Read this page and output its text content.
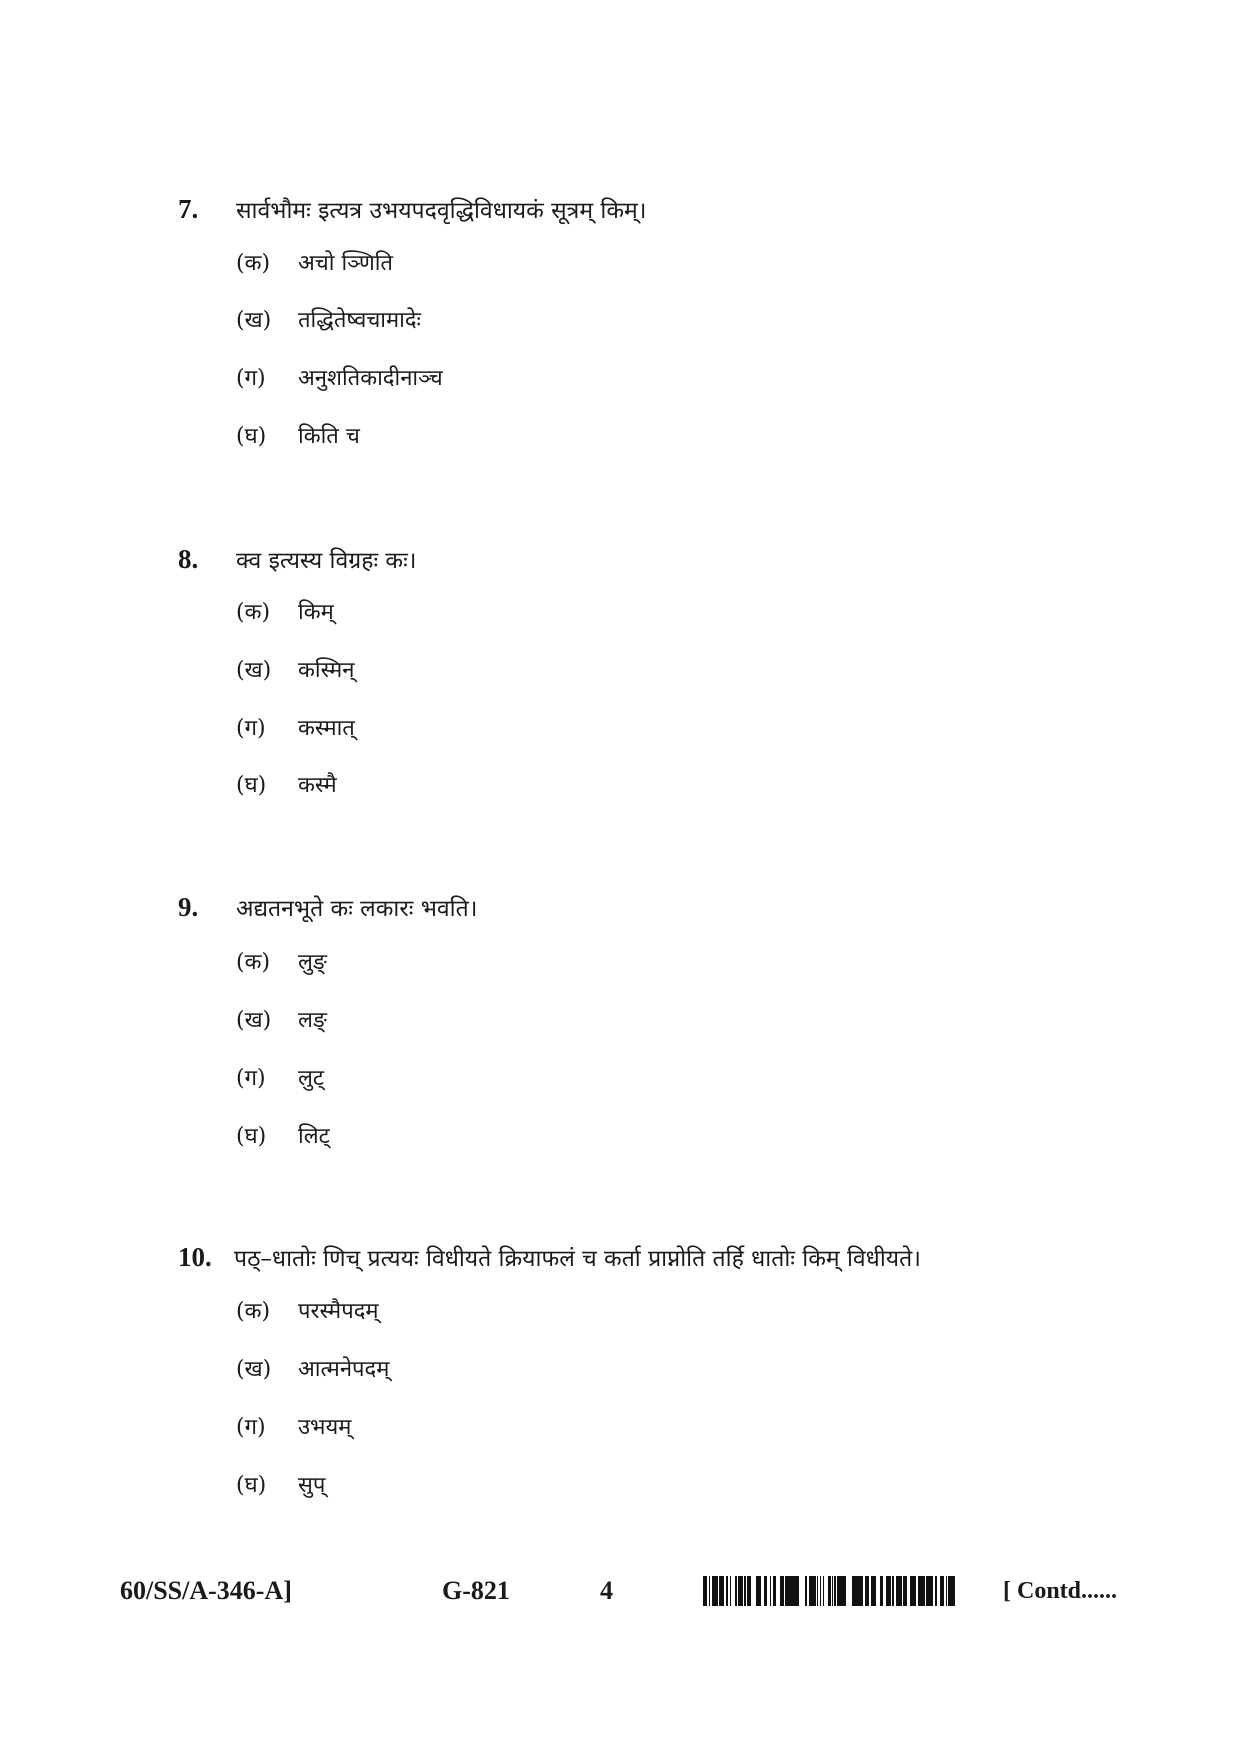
7.	सार्वभौमः इत्यत्र उभयपदवृद्धिविधायकं सूत्रम् किम्।
(क)	अचो ञ्णिति
(ख)	तद्धितेष्वचामादेः
(ग)	अनुशतिकादीनाञ्च
(घ)	किति च
8.	क्व इत्यस्य विग्रहः कः।
(क)	किम्
(ख)	कस्मिन्
(ग)	कस्मात्
(घ)	कस्मै
9.	अद्यतनभूते कः लकारः भवति।
(क)	लुङ्
(ख)	लङ्
(ग)	लुट्
(घ)	लिट्
10. पठ्–धातोः णिच् प्रत्ययः विधीयते क्रियाफलं च कर्ता प्राप्नोति तर्हि धातोः किम् विधीयते।
(क)	परस्मैपदम्
(ख)	आत्मनेपदम्
(ग)	उभयम्
(घ)	सुप्
60/SS/A-346-A]	G-821	4	[ Contd......
